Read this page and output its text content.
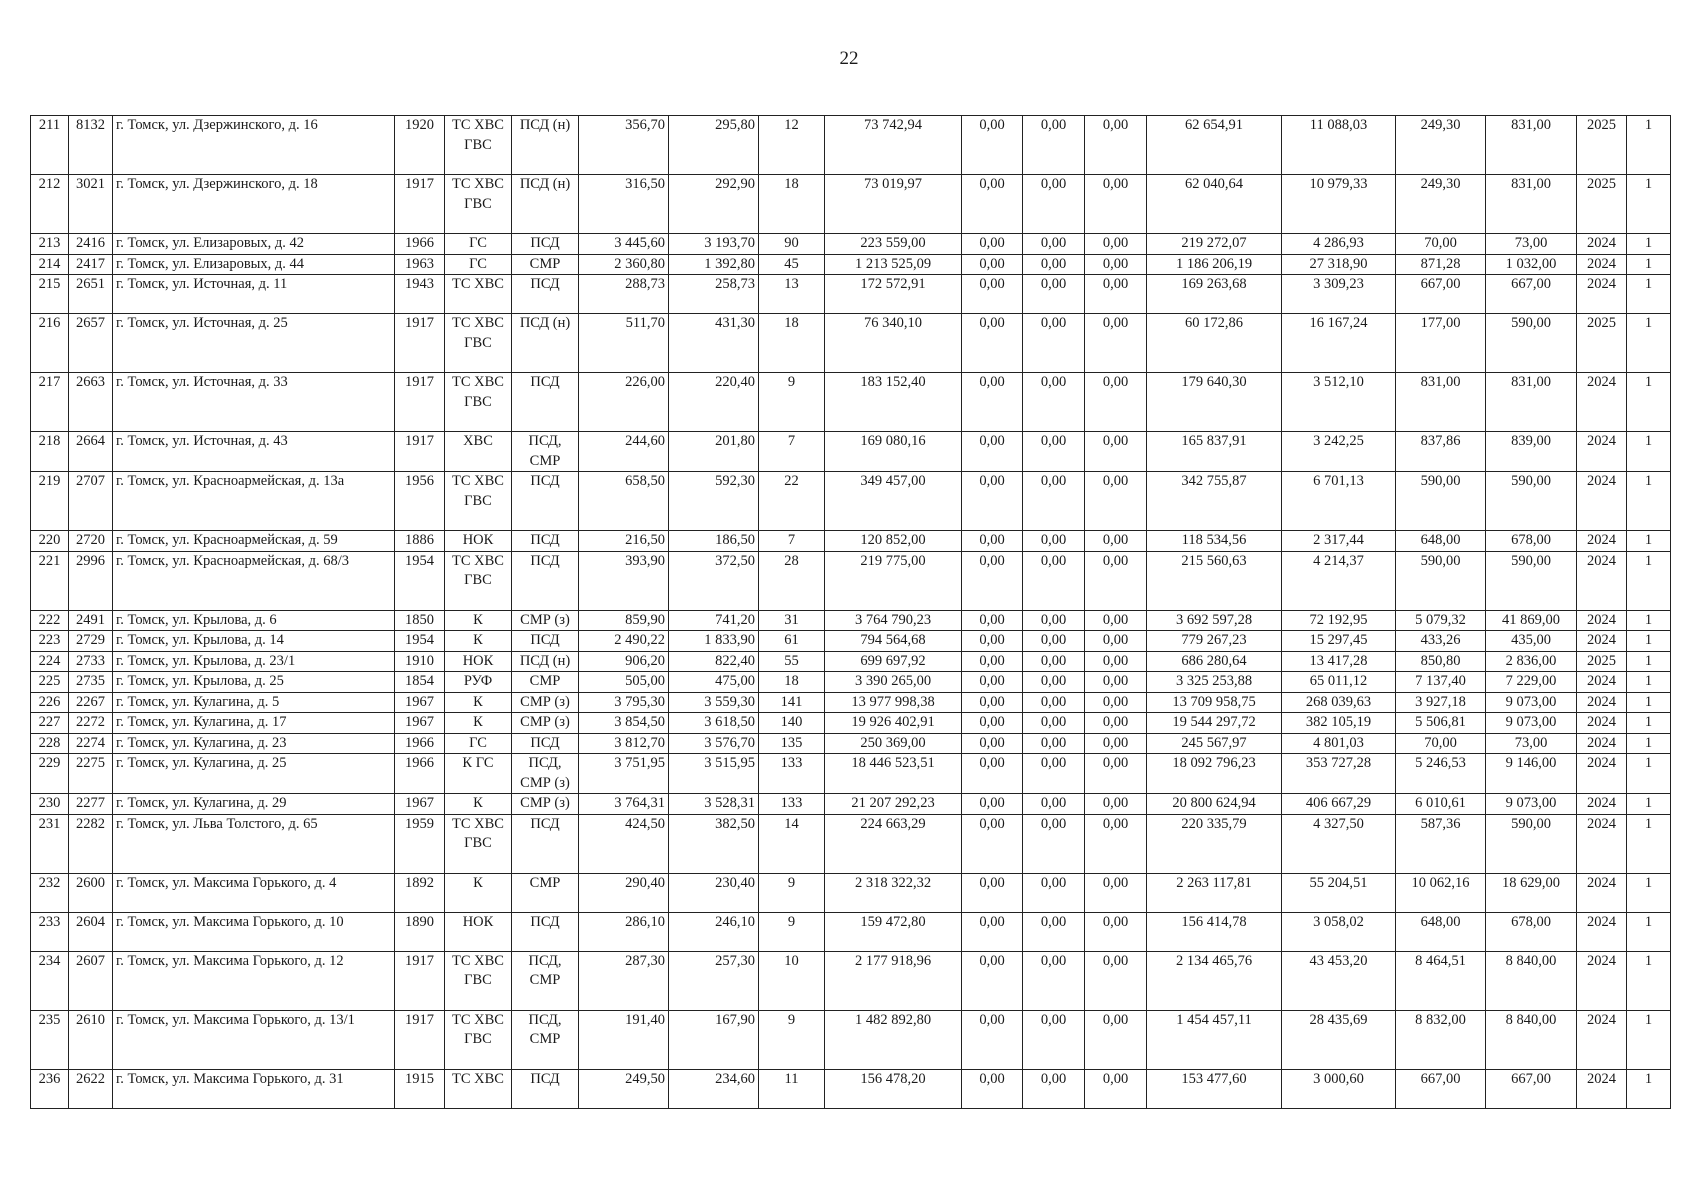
22
211	8132	г. Томск, ул. Дзержинского, д. 16	1920	ТС ХВС ГВС	ПСД (н)	356,70	295,80	12	73 742,94	0,00	0,00	0,00	62 654,91	11 088,03	249,30	831,00	2025	1
212	3021	г. Томск, ул. Дзержинского, д. 18	1917	ТС ХВС ГВС	ПСД (н)	316,50	292,90	18	73 019,97	0,00	0,00	0,00	62 040,64	10 979,33	249,30	831,00	2025	1
213	2416	г. Томск, ул. Елизаровых, д. 42	1966	ГС	ПСД	3 445,60	3 193,70	90	223 559,00	0,00	0,00	0,00	219 272,07	4 286,93	70,00	73,00	2024	1
214	2417	г. Томск, ул. Елизаровых, д. 44	1963	ГС	СМР	2 360,80	1 392,80	45	1 213 525,09	0,00	0,00	0,00	1 186 206,19	27 318,90	871,28	1 032,00	2024	1
215	2651	г. Томск, ул. Источная, д. 11	1943	ТС ХВС	ПСД	288,73	258,73	13	172 572,91	0,00	0,00	0,00	169 263,68	3 309,23	667,00	667,00	2024	1
216	2657	г. Томск, ул. Источная, д. 25	1917	ТС ХВС ГВС	ПСД (н)	511,70	431,30	18	76 340,10	0,00	0,00	0,00	60 172,86	16 167,24	177,00	590,00	2025	1
217	2663	г. Томск, ул. Источная, д. 33	1917	ТС ХВС ГВС	ПСД	226,00	220,40	9	183 152,40	0,00	0,00	0,00	179 640,30	3 512,10	831,00	831,00	2024	1
218	2664	г. Томск, ул. Источная, д. 43	1917	ХВС	ПСД, СМР	244,60	201,80	7	169 080,16	0,00	0,00	0,00	165 837,91	3 242,25	837,86	839,00	2024	1
219	2707	г. Томск, ул. Красноармейская, д. 13а	1956	ТС ХВС ГВС	ПСД	658,50	592,30	22	349 457,00	0,00	0,00	0,00	342 755,87	6 701,13	590,00	590,00	2024	1
220	2720	г. Томск, ул. Красноармейская, д. 59	1886	НОК	ПСД	216,50	186,50	7	120 852,00	0,00	0,00	0,00	118 534,56	2 317,44	648,00	678,00	2024	1
221	2996	г. Томск, ул. Красноармейская, д. 68/3	1954	ТС ХВС ГВС	ПСД	393,90	372,50	28	219 775,00	0,00	0,00	0,00	215 560,63	4 214,37	590,00	590,00	2024	1
222	2491	г. Томск, ул. Крылова, д. 6	1850	К	СМР (з)	859,90	741,20	31	3 764 790,23	0,00	0,00	0,00	3 692 597,28	72 192,95	5 079,32	41 869,00	2024	1
223	2729	г. Томск, ул. Крылова, д. 14	1954	К	ПСД	2 490,22	1 833,90	61	794 564,68	0,00	0,00	0,00	779 267,23	15 297,45	433,26	435,00	2024	1
224	2733	г. Томск, ул. Крылова, д. 23/1	1910	НОК	ПСД (н)	906,20	822,40	55	699 697,92	0,00	0,00	0,00	686 280,64	13 417,28	850,80	2 836,00	2025	1
225	2735	г. Томск, ул. Крылова, д. 25	1854	РУФ	СМР	505,00	475,00	18	3 390 265,00	0,00	0,00	0,00	3 325 253,88	65 011,12	7 137,40	7 229,00	2024	1
226	2267	г. Томск, ул. Кулагина, д. 5	1967	К	СМР (з)	3 795,30	3 559,30	141	13 977 998,38	0,00	0,00	0,00	13 709 958,75	268 039,63	3 927,18	9 073,00	2024	1
227	2272	г. Томск, ул. Кулагина, д. 17	1967	К	СМР (з)	3 854,50	3 618,50	140	19 926 402,91	0,00	0,00	0,00	19 544 297,72	382 105,19	5 506,81	9 073,00	2024	1
228	2274	г. Томск, ул. Кулагина, д. 23	1966	ГС	ПСД	3 812,70	3 576,70	135	250 369,00	0,00	0,00	0,00	245 567,97	4 801,03	70,00	73,00	2024	1
229	2275	г. Томск, ул. Кулагина, д. 25	1966	К ГС	ПСД, СМР (з)	3 751,95	3 515,95	133	18 446 523,51	0,00	0,00	0,00	18 092 796,23	353 727,28	5 246,53	9 146,00	2024	1
230	2277	г. Томск, ул. Кулагина, д. 29	1967	К	СМР (з)	3 764,31	3 528,31	133	21 207 292,23	0,00	0,00	0,00	20 800 624,94	406 667,29	6 010,61	9 073,00	2024	1
231	2282	г. Томск, ул. Льва Толстого, д. 65	1959	ТС ХВС ГВС	ПСД	424,50	382,50	14	224 663,29	0,00	0,00	0,00	220 335,79	4 327,50	587,36	590,00	2024	1
232	2600	г. Томск, ул. Максима Горького, д. 4	1892	К	СМР	290,40	230,40	9	2 318 322,32	0,00	0,00	0,00	2 263 117,81	55 204,51	10 062,16	18 629,00	2024	1
233	2604	г. Томск, ул. Максима Горького, д. 10	1890	НОК	ПСД	286,10	246,10	9	159 472,80	0,00	0,00	0,00	156 414,78	3 058,02	648,00	678,00	2024	1
234	2607	г. Томск, ул. Максима Горького, д. 12	1917	ТС ХВС ГВС	ПСД, СМР	287,30	257,30	10	2 177 918,96	0,00	0,00	0,00	2 134 465,76	43 453,20	8 464,51	8 840,00	2024	1
235	2610	г. Томск, ул. Максима Горького, д. 13/1	1917	ТС ХВС ГВС	ПСД, СМР	191,40	167,90	9	1 482 892,80	0,00	0,00	0,00	1 454 457,11	28 435,69	8 832,00	8 840,00	2024	1
236	2622	г. Томск, ул. Максима Горького, д. 31	1915	ТС ХВС	ПСД	249,50	234,60	11	156 478,20	0,00	0,00	0,00	153 477,60	3 000,60	667,00	667,00	2024	1
